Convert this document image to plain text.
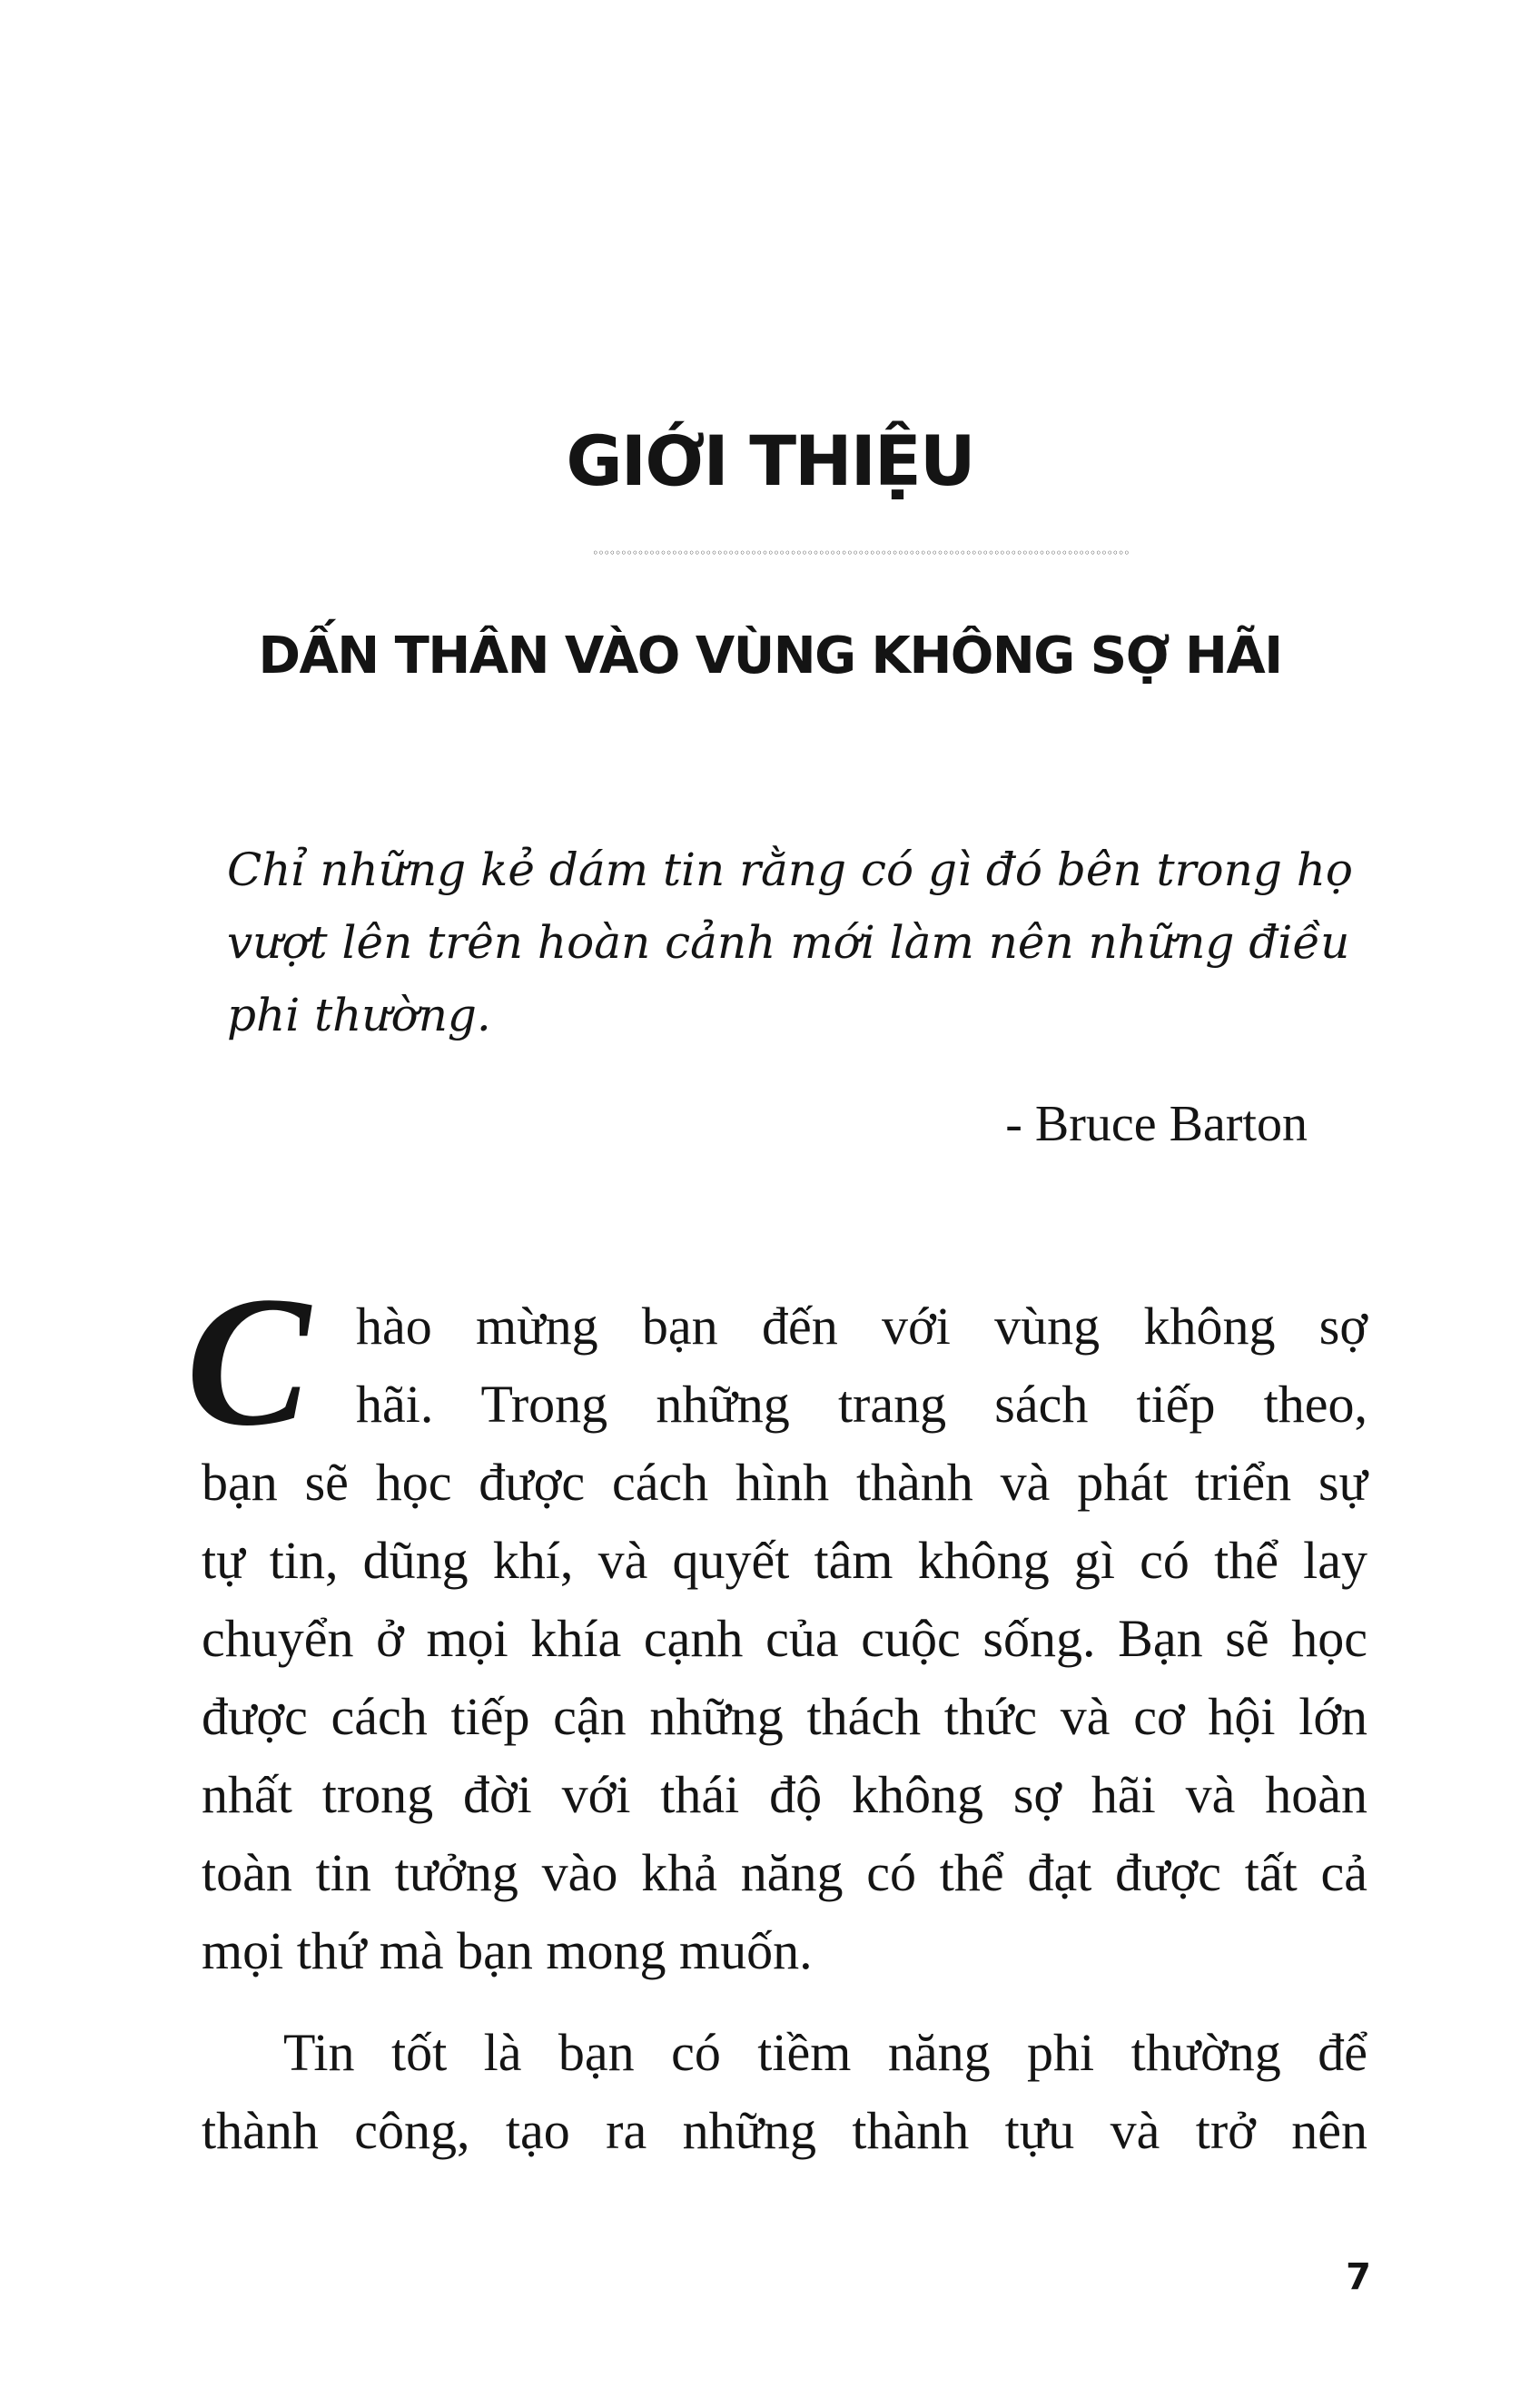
GIỚI THIỆU
◦◦◦◦◦◦◦◦◦◦◦◦◦◦◦◦◦◦◦◦◦◦◦◦◦◦◦◦◦◦◦◦◦◦◦◦◦◦◦◦◦◦◦◦◦◦◦◦◦◦◦◦◦◦◦◦◦◦◦◦◦◦◦◦◦◦◦◦◦◦◦◦◦◦◦◦◦◦◦◦◦◦◦◦◦◦◦◦◦◦◦◦◦◦◦
DẤN THÂN VÀO VÙNG KHÔNG SỢ HÃI

Chỉ những kẻ dám tin rằng có gì đó bên trong họ
vượt lên trên hoàn cảnh mới làm nên những điều
phi thường.

- Bruce Barton
C hào mừng bạn đến với vùng không sợ
hãi. Trong những trang sách tiếp theo,
bạn sẽ học được cách hình thành và phát triển sự
tự tin, dũng khí, và quyết tâm không gì có thể lay
chuyển ở mọi khía cạnh của cuộc sống. Bạn sẽ học
được cách tiếp cận những thách thức và cơ hội lớn
nhất trong đời với thái độ không sợ hãi và hoàn
toàn tin tưởng vào khả năng có thể đạt được tất cả
mọi thứ mà bạn mong muốn.
Tin tốt là bạn có tiềm năng phi thường để
thành công, tạo ra những thành tựu và trở nên
7
